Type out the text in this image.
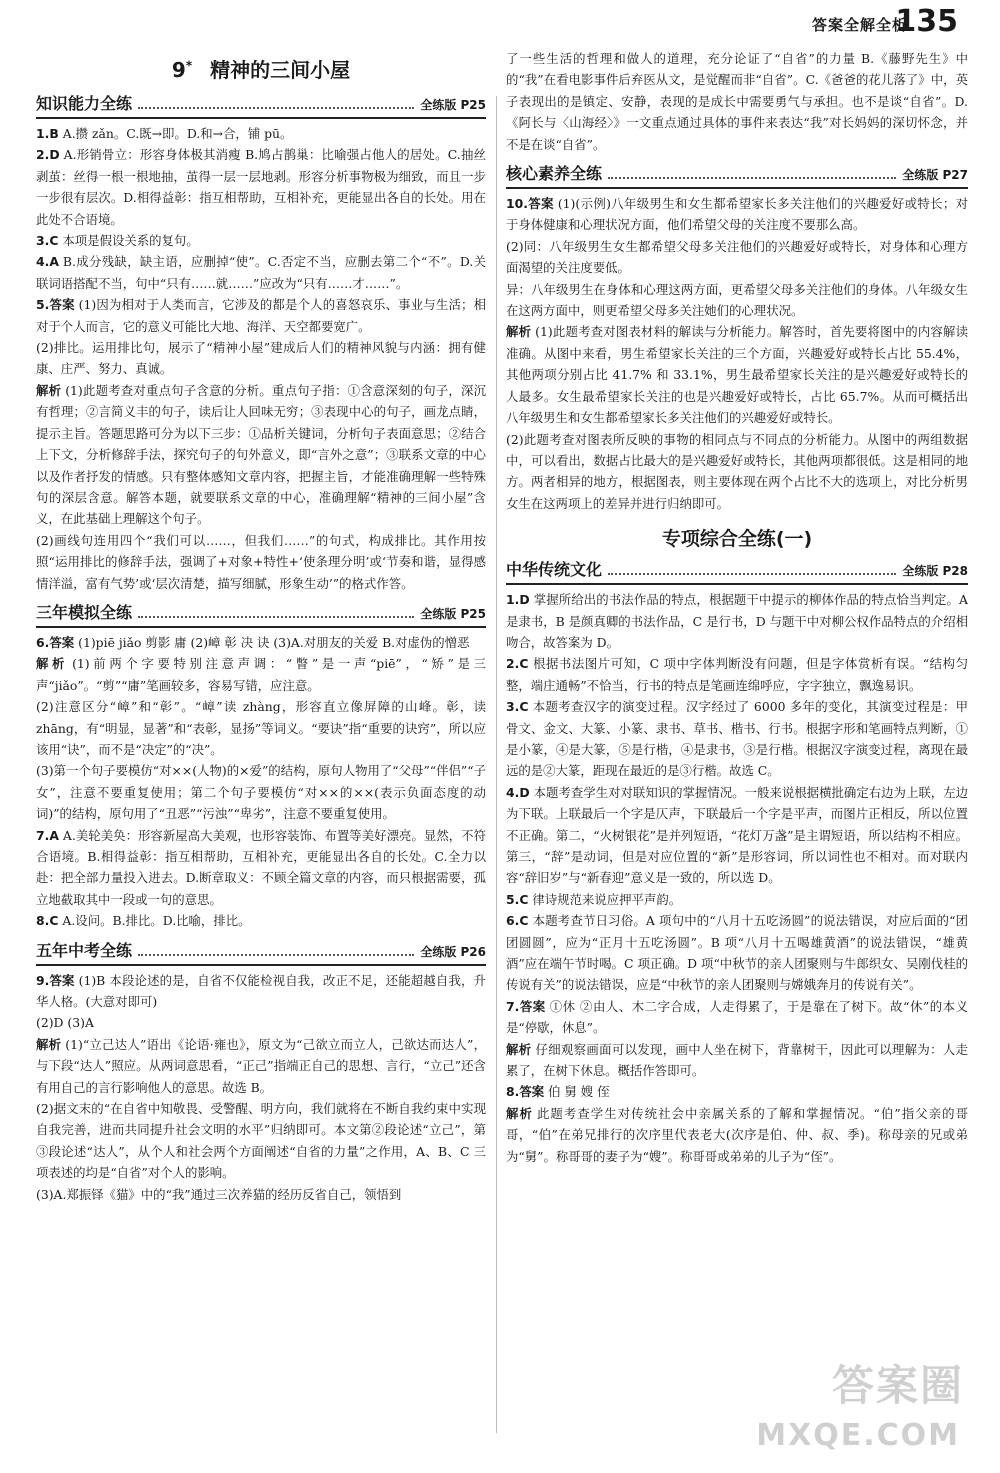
答案全解全析
135
9* 精神的三间小屋
知识能力全练	全练版 P25

1.B A.攒 zǎn。C.既→即。D.和→合，铺 pū。

2.D A.形销骨立：形容身体极其消瘦 B.鸠占鹊巢：比喻强占他人的居处。C.抽丝剥茧：丝得一根一根地抽，茧得一层一层地剥。形容分析事物极为细致，而且一步一步很有层次。D.相得益彰：指互相帮助，互相补充，更能显出各自的长处。用在此处不合语境。

3.C 本项是假设关系的复句。

4.A B.成分残缺，缺主语，应删掉“使”。C.否定不当，应删去第二个“不”。D.关联词语搭配不当，句中“只有……就……”应改为“只有……才……”。

5.答案 (1)因为相对于人类而言，它涉及的都是个人的喜怒哀乐、事业与生活；相对于个人而言，它的意义可能比大地、海洋、天空都要宽广。

(2)排比。运用排比句，展示了“精神小屋”建成后人们的精神风貌与内涵：拥有健康、庄严、努力、真诚。

解析 (1)此题考查对重点句子含意的分析。重点句子指：①含意深刻的句子，深沉有哲理；②言简义丰的句子，读后让人回味无穷；③表现中心的句子，画龙点睛，提示主旨。答题思路可分为以下三步：①品析关键词，分析句子表面意思；②结合上下文，分析修辞手法，探究句子的句外意义，即“言外之意”；③联系文章的中心以及作者抒发的情感。只有整体感知文章内容，把握主旨，才能准确理解一些特殊句的深层含意。解答本题，就要联系文章的中心，准确理解“精神的三间小屋”含义，在此基础上理解这个句子。

(2)画线句连用四个“我们可以……，但我们……”的句式，构成排比。其作用按照“运用排比的修辞手法，强调了+对象+特性+‘使条理分明’或‘节奏和谐，显得感情洋溢，富有气势’或‘层次清楚，描写细腻，形象生动’”的格式作答。

三年模拟全练	全练版 P25

6.答案 (1)piē jiǎo 剪影 庸 (2)嶂 彰 决 诀 (3)A.对朋友的关爱 B.对虚伪的憎恶

解析 (1)前两个字要特别注意声调：“瞥”是一声“piē”，“矫”是三声“jiǎo”。“剪”“庸”笔画较多，容易写错，应注意。

(2)注意区分“嶂”和“彰”。“嶂”读 zhàng，形容直立像屏障的山峰。彰，读 zhāng，有“明显，显著”和“表彰，显扬”等词义。“要诀”指“重要的诀窍”，所以应该用“诀”，而不是“决定”的“决”。

(3)第一个句子要模仿“对××(人物)的×爱”的结构，原句人物用了“父母”“伴侣”“子女”，注意不要重复使用；第二个句子要模仿“对××的××(表示负面态度的动词)”的结构，原句用了“丑恶”“污浊”“卑劣”，注意不要重复使用。

7.A A.美轮美奂：形容新屋高大美观，也形容装饰、布置等美好漂亮。显然，不符合语境。B.相得益彰：指互相帮助，互相补充，更能显出各自的长处。C.全力以赴：把全部力量投入进去。D.断章取义：不顾全篇文章的内容，而只根据需要，孤立地截取其中一段或一句的意思。

8.C A.设问。B.排比。D.比喻，排比。

五年中考全练	全练版 P26

9.答案 (1)B 本段论述的是，自省不仅能检视自我，改正不足，还能超越自我，升华人格。(大意对即可)

(2)D (3)A

解析 (1)“立己达人”语出《论语·雍也》，原文为“己欲立而立人，己欲达而达人”，与下段“达人”照应。从两词意思看，“正己”指端正自己的思想、言行，“立己”还含有用自己的言行影响他人的意思。故选 B。

(2)据文末的“在自省中知敬畏、受警醒、明方向，我们就将在不断自我约束中实现自我完善，进而共同提升社会文明的水平”归纳即可。本文第②段论述“立己”，第③段论述“达人”，从个人和社会两个方面阐述“自省的力量”之作用，A、B、C 三项表述的均是“自省”对个人的影响。

(3)A.郑振铎《猫》中的“我”通过三次养猫的经历反省自己，领悟到

了一些生活的哲理和做人的道理，充分论证了“自省”的力量 B.《藤野先生》中的“我”在看电影事件后弃医从文，是觉醒而非“自省”。C.《爸爸的花儿落了》中，英子表现出的是镇定、安静，表现的是成长中需要勇气与承担。也不是谈“自省”。D.《阿长与〈山海经〉》一文重点通过具体的事件来表达“我”对长妈妈的深切怀念，并不是在谈“自省”。

核心素养全练	全练版 P27

10.答案 (1)(示例)八年级男生和女生都希望家长多关注他们的兴趣爱好或特长；对于身体健康和心理状况方面，他们希望父母的关注度不要那么高。

(2)同：八年级男生女生都希望父母多关注他们的兴趣爱好或特长，对身体和心理方面渴望的关注度要低。

异：八年级男生在身体和心理这两方面，更希望父母多关注他们的身体。八年级女生在这两方面中，则更希望父母多关注她们的心理状况。

解析 (1)此题考查对图表材料的解读与分析能力。解答时，首先要将图中的内容解读准确。从图中来看，男生希望家长关注的三个方面，兴趣爱好或特长占比 55.4%，其他两项分别占比 41.7% 和 33.1%，男生最希望家长关注的是兴趣爱好或特长的人最多。女生最希望家长关注的也是兴趣爱好或特长，占比 65.7%。从而可概括出八年级男生和女生都希望家长多关注他们的兴趣爱好或特长。

(2)此题考查对图表所反映的事物的相同点与不同点的分析能力。从图中的两组数据中，可以看出，数据占比最大的是兴趣爱好或特长，其他两项都很低。这是相同的地方。两者相异的地方，根据图表，则主要体现在两个占比不大的选项上，对比分析男女生在这两项上的差异并进行归纳即可。

专项综合全练(一)
中华传统文化	全练版 P28

1.D 掌握所给出的书法作品的特点，根据题干中提示的柳体作品的特点恰当判定。A 是隶书，B 是颜真卿的书法作品，C 是行书，D 与题干中对柳公权作品特点的介绍相吻合，故答案为 D。

2.C 根据书法图片可知，C 项中字体判断没有问题，但是字体赏析有误。“结构匀整，端庄通畅”不恰当，行书的特点是笔画连绵呼应，字字独立，飘逸易识。

3.C 本题考查汉字的演变过程。汉字经过了 6000 多年的变化，其演变过程是：甲骨文、金文、大篆、小篆、隶书、草书、楷书、行书。根据字形和笔画特点判断，①是小篆，④是大篆，⑤是行楷，④是隶书，③是行楷。根据汉字演变过程，离现在最远的是②大篆，距现在最近的是③行楷。故选 C。

4.D 本题考查学生对对联知识的掌握情况。一般来说根据横批确定右边为上联，左边为下联。上联最后一个字是仄声，下联最后一个字是平声，而图片正相反，所以位置不正确。第二，“火树银花”是并列短语，“花灯万盏”是主谓短语，所以结构不相应。第三，“辞”是动词，但是对应位置的“新”是形容词，所以词性也不相对。而对联内容“辞旧岁”与“新春迎”意义是一致的，所以选 D。

5.C 律诗规范来说应押平声韵。

6.C 本题考查节日习俗。A 项句中的“八月十五吃汤圆”的说法错误，对应后面的“团团圆圆”，应为“正月十五吃汤圆”。B 项“八月十五喝雄黄酒”的说法错误，“雄黄酒”应在端午节时喝。C 项正确。D 项“中秋节的亲人团聚则与牛郎织女、吴刚伐桂的传说有关”的说法错误，应是“中秋节的亲人团聚则与嫦娥奔月的传说有关”。

7.答案 ①休 ②由人、木二字合成，人走得累了，于是靠在了树下。故“休”的本义是“停歇，休息”。

解析 仔细观察画面可以发现，画中人坐在树下，背靠树干，因此可以理解为：人走累了，在树下休息。概括作答即可。

8.答案 伯 舅 嫂 侄

解析 此题考查学生对传统社会中亲属关系的了解和掌握情况。“伯”指父亲的哥哥，“伯”在弟兄排行的次序里代表老大(次序是伯、仲、叔、季)。称母亲的兄或弟为“舅”。称哥哥的妻子为“嫂”。称哥哥或弟弟的儿子为“侄”。

答案圈
MXQE.COM
